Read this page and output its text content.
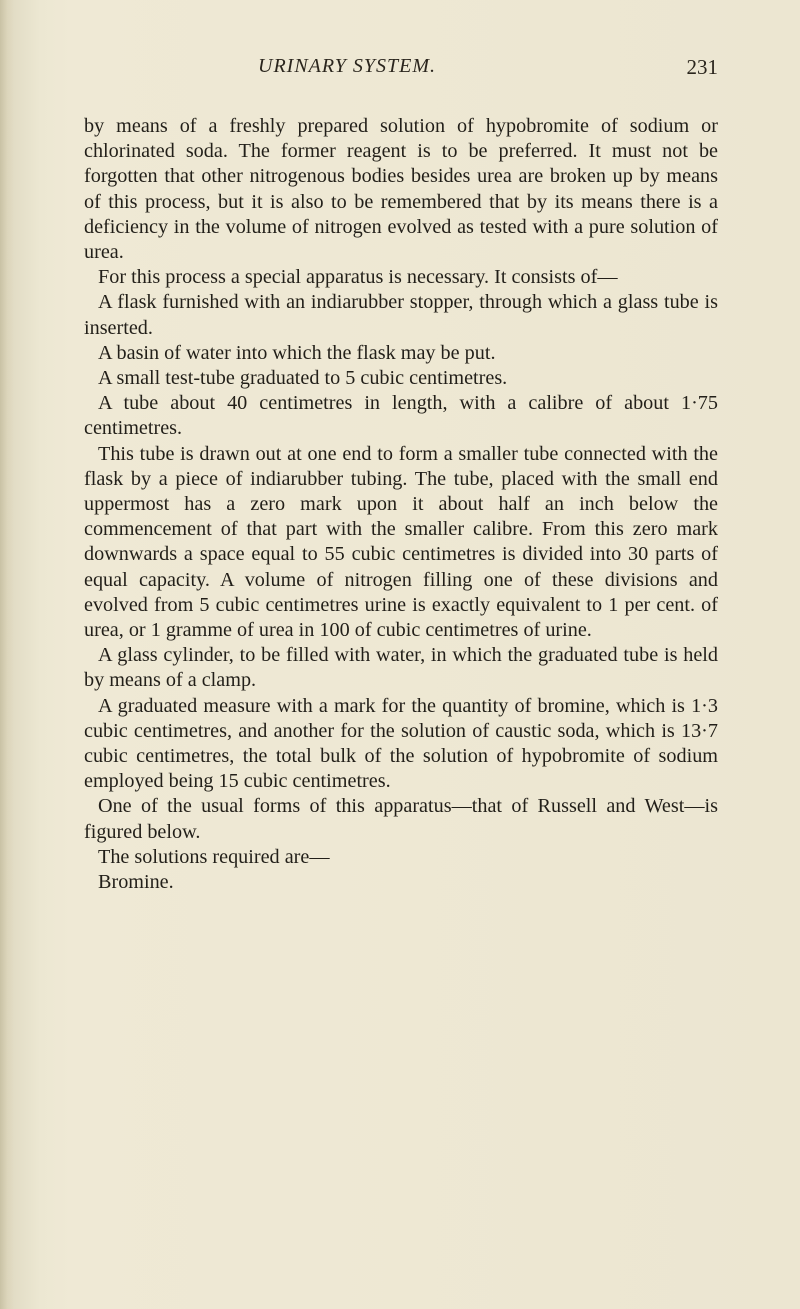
URINARY SYSTEM.	231

by means of a freshly prepared solution of hypobromite of sodium or chlorinated soda. The former reagent is to be preferred. It must not be forgotten that other nitrogenous bodies besides urea are broken up by means of this process, but it is also to be remembered that by its means there is a deficiency in the volume of nitrogen evolved as tested with a pure solution of urea.

For this process a special apparatus is necessary. It consists of—

A flask furnished with an indiarubber stopper, through which a glass tube is inserted.

A basin of water into which the flask may be put.

A small test-tube graduated to 5 cubic centimetres.

A tube about 40 centimetres in length, with a calibre of about 1·75 centimetres.

This tube is drawn out at one end to form a smaller tube connected with the flask by a piece of indiarubber tubing. The tube, placed with the small end uppermost has a zero mark upon it about half an inch below the commencement of that part with the smaller calibre. From this zero mark downwards a space equal to 55 cubic centimetres is divided into 30 parts of equal capacity. A volume of nitrogen filling one of these divisions and evolved from 5 cubic centimetres urine is exactly equivalent to 1 per cent. of urea, or 1 gramme of urea in 100 of cubic centimetres of urine.

A glass cylinder, to be filled with water, in which the graduated tube is held by means of a clamp.

A graduated measure with a mark for the quantity of bromine, which is 1·3 cubic centimetres, and another for the solution of caustic soda, which is 13·7 cubic centimetres, the total bulk of the solution of hypobromite of sodium employed being 15 cubic centimetres.

One of the usual forms of this apparatus—that of Russell and West—is figured below.

The solutions required are—

Bromine.
